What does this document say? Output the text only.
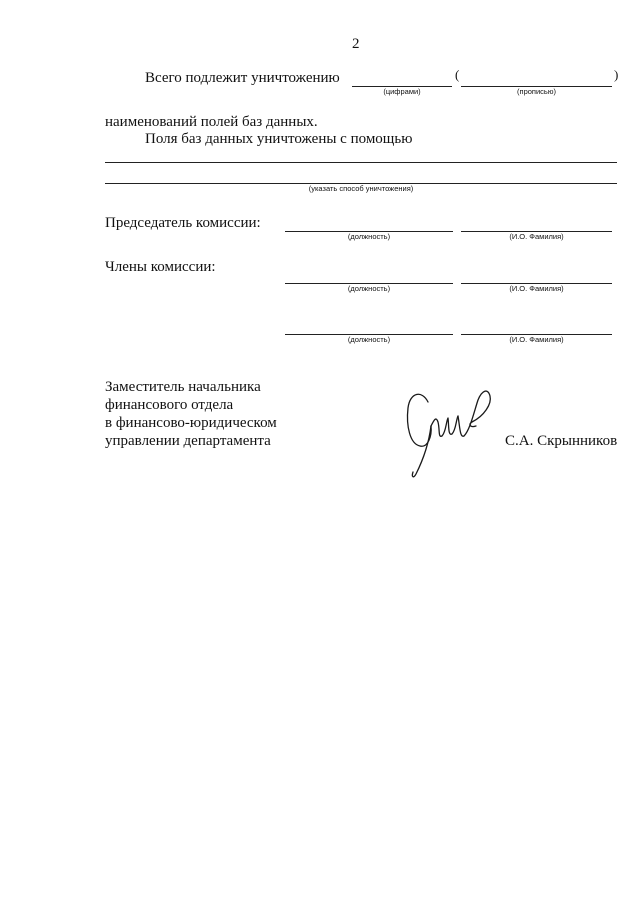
2
Всего подлежит уничтожению	(	)
(цифрами)	(прописью)
наименований полей баз данных.
Поля баз данных уничтожены с помощью
(указать способ уничтожения)
Председатель комиссии:
(должность)	(И.О. Фамилия)
Члены комиссии:
(должность)	(И.О. Фамилия)
(должность)	(И.О. Фамилия)
Заместитель начальника
финансового отдела
в финансово-юридическом
управлении департамента	С.А. Скрынников
